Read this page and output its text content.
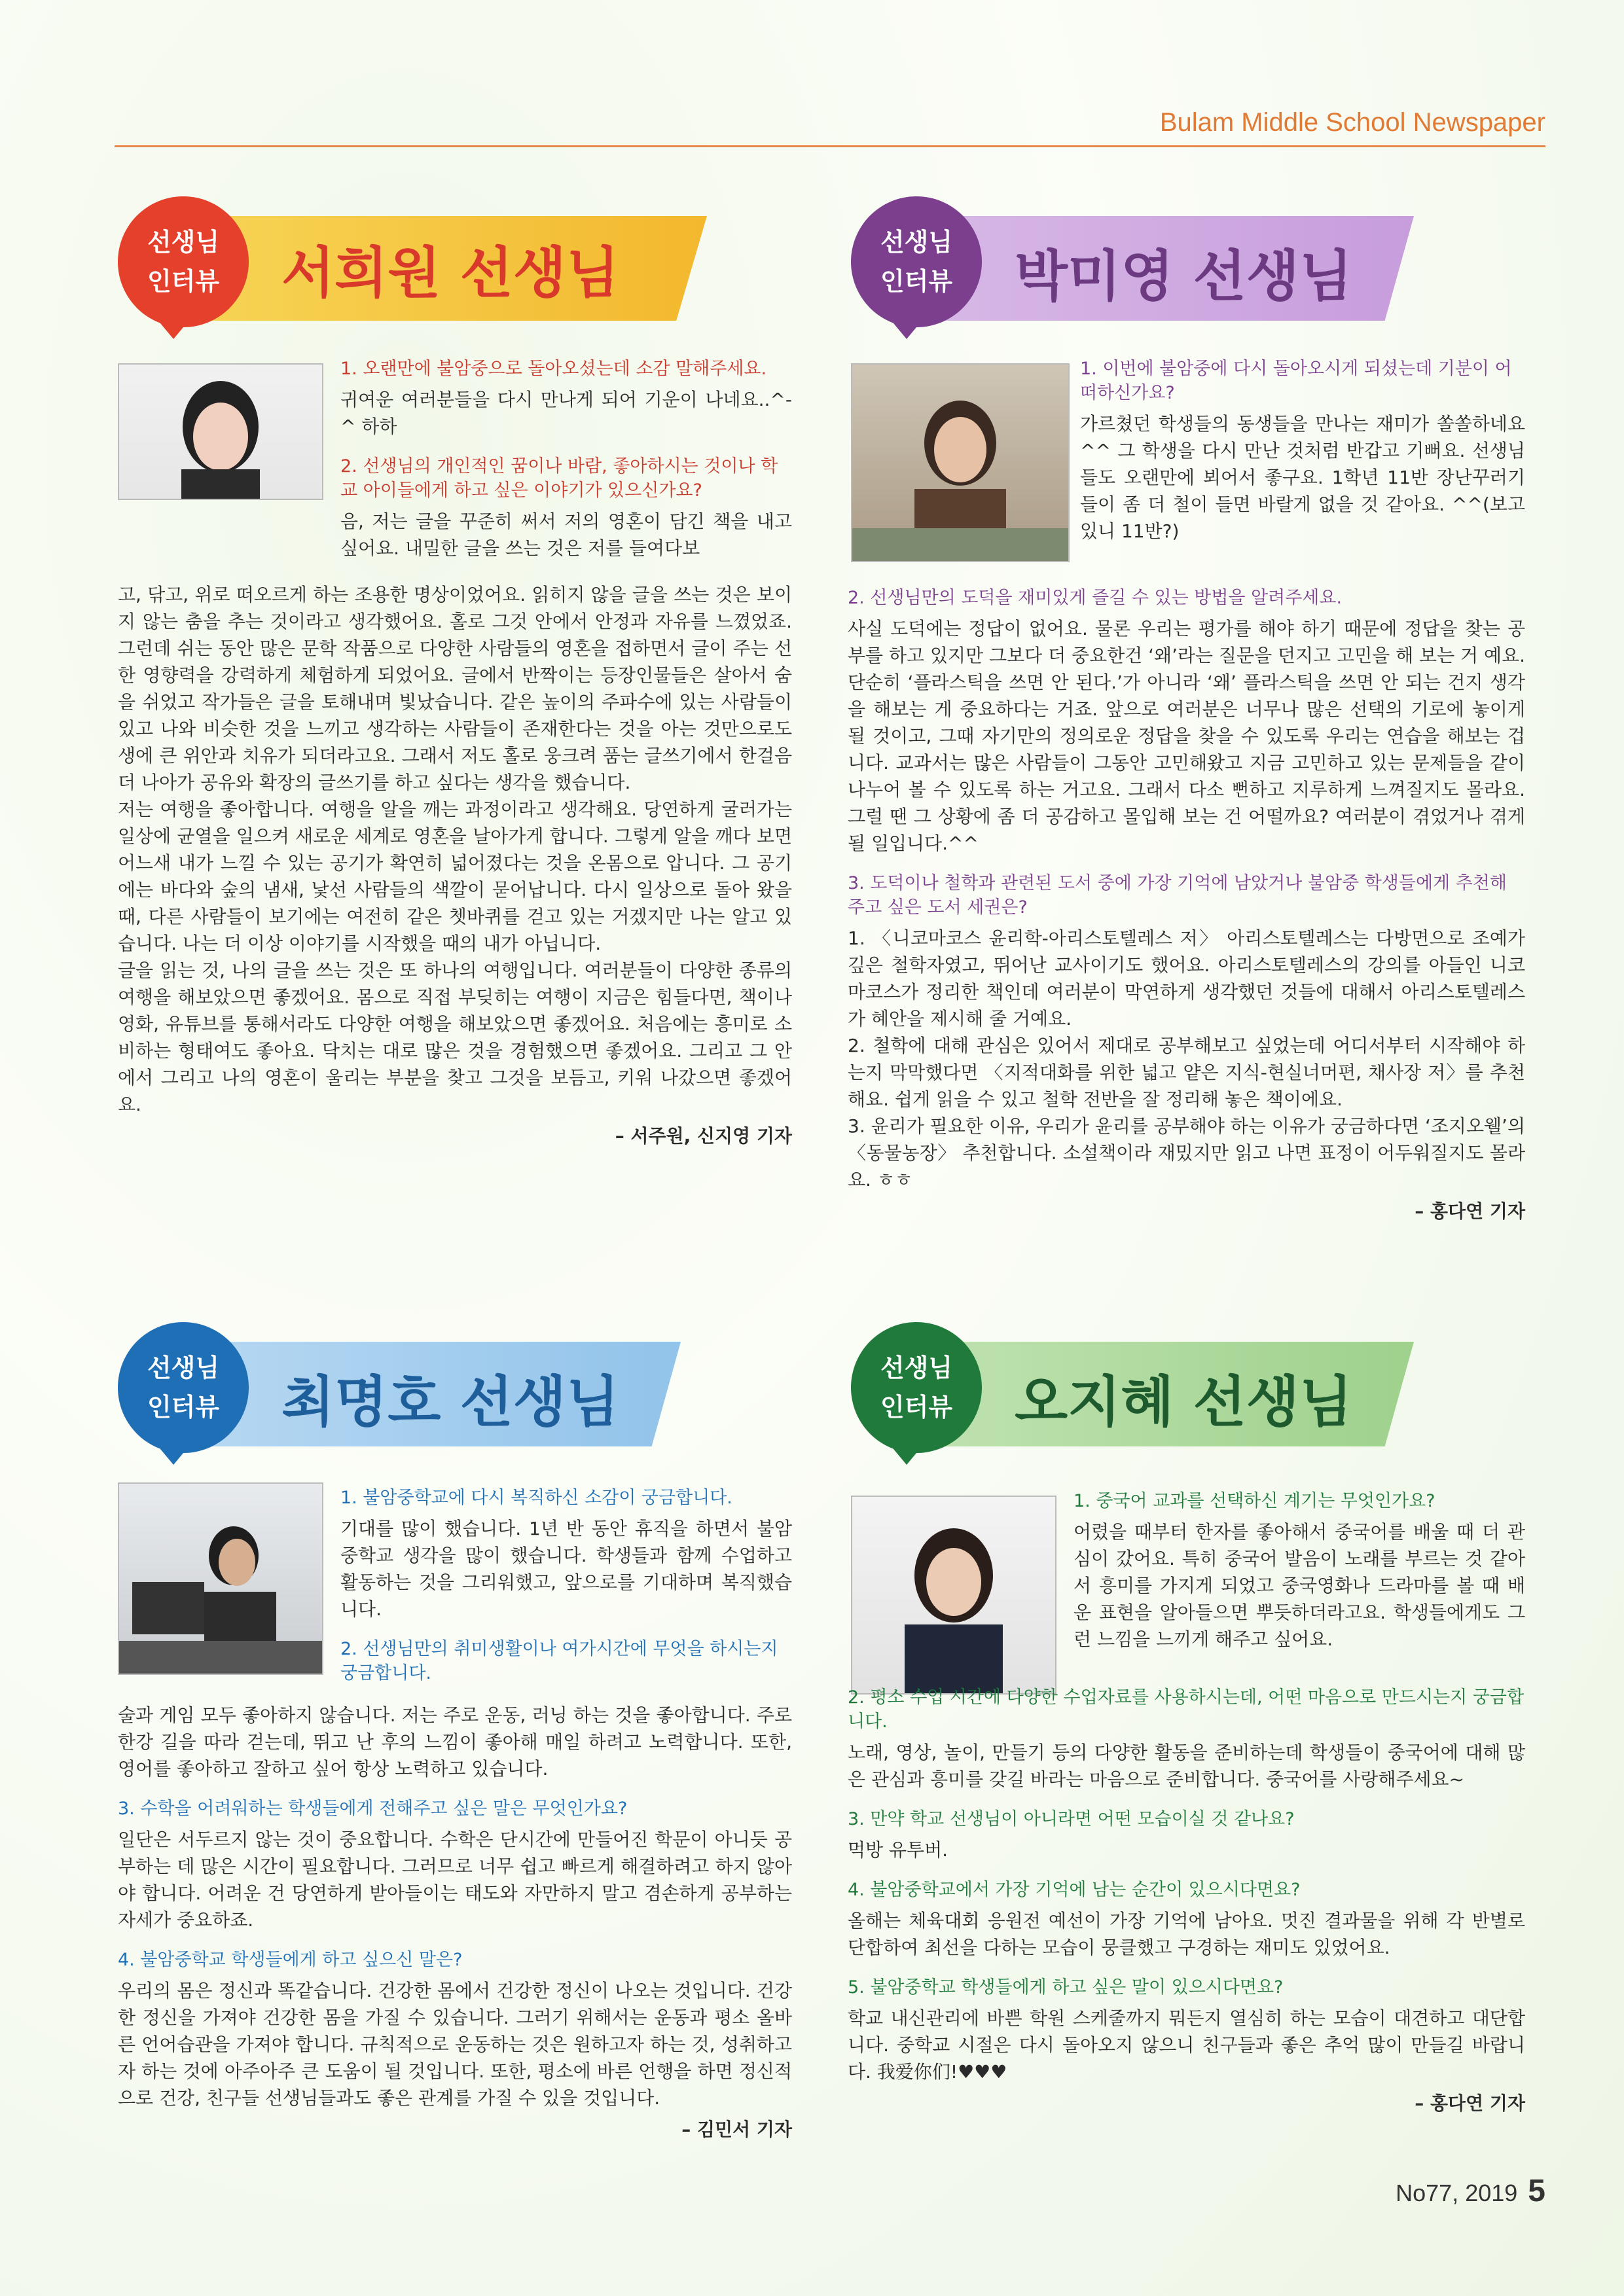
Bulam Middle School Newspaper
선생님
인터뷰 서희원 선생님

1. 오랜만에 불암중으로 돌아오셨는데 소감 말해주세요.

귀여운 여러분들을 다시 만나게 되어 기운이 나네요..^-^ 하하

2. 선생님의 개인적인 꿈이나 바람, 좋아하시는 것이나 학교 아이들에게 하고 싶은 이야기가 있으신가요?

음, 저는 글을 꾸준히 써서 저의 영혼이 담긴 책을 내고 싶어요. 내밀한 글을 쓰는 것은 저를 들여다보

고, 닦고, 위로 떠오르게 하는 조용한 명상이었어요. 읽히지 않을 글을 쓰는 것은 보이지 않는 춤을 추는 것이라고 생각했어요. 홀로 그것 안에서 안정과 자유를 느꼈었죠. 그런데 쉬는 동안 많은 문학 작품으로 다양한 사람들의 영혼을 접하면서 글이 주는 선한 영향력을 강력하게 체험하게 되었어요. 글에서 반짝이는 등장인물들은 살아서 숨을 쉬었고 작가들은 글을 토해내며 빛났습니다. 같은 높이의 주파수에 있는 사람들이 있고 나와 비슷한 것을 느끼고 생각하는 사람들이 존재한다는 것을 아는 것만으로도 생에 큰 위안과 치유가 되더라고요. 그래서 저도 홀로 웅크려 품는 글쓰기에서 한걸음 더 나아가 공유와 확장의 글쓰기를 하고 싶다는 생각을 했습니다.

저는 여행을 좋아합니다. 여행을 알을 깨는 과정이라고 생각해요. 당연하게 굴러가는 일상에 균열을 일으켜 새로운 세계로 영혼을 날아가게 합니다. 그렇게 알을 깨다 보면 어느새 내가 느낄 수 있는 공기가 확연히 넓어졌다는 것을 온몸으로 압니다. 그 공기에는 바다와 숲의 냄새, 낯선 사람들의 색깔이 묻어납니다. 다시 일상으로 돌아 왔을 때, 다른 사람들이 보기에는 여전히 같은 쳇바퀴를 걷고 있는 거겠지만 나는 알고 있습니다. 나는 더 이상 이야기를 시작했을 때의 내가 아닙니다.

글을 읽는 것, 나의 글을 쓰는 것은 또 하나의 여행입니다. 여러분들이 다양한 종류의 여행을 해보았으면 좋겠어요. 몸으로 직접 부딪히는 여행이 지금은 힘들다면, 책이나 영화, 유튜브를 통해서라도 다양한 여행을 해보았으면 좋겠어요. 처음에는 흥미로 소비하는 형태여도 좋아요. 닥치는 대로 많은 것을 경험했으면 좋겠어요. 그리고 그 안에서 그리고 나의 영혼이 울리는 부분을 찾고 그것을 보듬고, 키워 나갔으면 좋겠어요.

– 서주원, 신지영 기자
선생님
인터뷰 박미영 선생님

1. 이번에 불암중에 다시 돌아오시게 되셨는데 기분이 어떠하신가요?

가르쳤던 학생들의 동생들을 만나는 재미가 쏠쏠하네요^^ 그 학생을 다시 만난 것처럼 반갑고 기뻐요. 선생님들도 오랜만에 뵈어서 좋구요. 1학년 11반 장난꾸러기들이 좀 더 철이 들면 바랄게 없을 것 같아요. ^^(보고 있니 11반?)

2. 선생님만의 도덕을 재미있게 즐길 수 있는 방법을 알려주세요.

사실 도덕에는 정답이 없어요. 물론 우리는 평가를 해야 하기 때문에 정답을 찾는 공부를 하고 있지만 그보다 더 중요한건 ‘왜’라는 질문을 던지고 고민을 해 보는 거 예요. 단순히 ‘플라스틱을 쓰면 안 된다.’가 아니라 ‘왜’ 플라스틱을 쓰면 안 되는 건지 생각을 해보는 게 중요하다는 거죠. 앞으로 여러분은 너무나 많은 선택의 기로에 놓이게 될 것이고, 그때 자기만의 정의로운 정답을 찾을 수 있도록 우리는 연습을 해보는 겁니다. 교과서는 많은 사람들이 그동안 고민해왔고 지금 고민하고 있는 문제들을 같이 나누어 볼 수 있도록 하는 거고요. 그래서 다소 뻔하고 지루하게 느껴질지도 몰라요. 그럴 땐 그 상황에 좀 더 공감하고 몰입해 보는 건 어떨까요? 여러분이 겪었거나 겪게 될 일입니다.^^

3. 도덕이나 철학과 관련된 도서 중에 가장 기억에 남았거나 불암중 학생들에게 추천해 주고 싶은 도서 세권은?

1. 〈니코마코스 윤리학-아리스토텔레스 저〉 아리스토텔레스는 다방면으로 조예가 깊은 철학자였고, 뛰어난 교사이기도 했어요. 아리스토텔레스의 강의를 아들인 니코마코스가 정리한 책인데 여러분이 막연하게 생각했던 것들에 대해서 아리스토텔레스가 혜안을 제시해 줄 거예요.

2. 철학에 대해 관심은 있어서 제대로 공부해보고 싶었는데 어디서부터 시작해야 하는지 막막했다면 〈지적대화를 위한 넓고 얕은 지식-현실너머편, 채사장 저〉를 추천해요. 쉽게 읽을 수 있고 철학 전반을 잘 정리해 놓은 책이에요.

3. 윤리가 필요한 이유, 우리가 윤리를 공부해야 하는 이유가 궁금하다면 ‘조지오웰’의 〈동물농장〉 추천합니다. 소설책이라 재밌지만 읽고 나면 표정이 어두워질지도 몰라요. ㅎㅎ

– 홍다연 기자
선생님
인터뷰 최명호 선생님

1. 불암중학교에 다시 복직하신 소감이 궁금합니다.

기대를 많이 했습니다. 1년 반 동안 휴직을 하면서 불암중학교 생각을 많이 했습니다. 학생들과 함께 수업하고 활동하는 것을 그리워했고, 앞으로를 기대하며 복직했습니다.

2. 선생님만의 취미생활이나 여가시간에 무엇을 하시는지 궁금합니다.

술과 게임 모두 좋아하지 않습니다. 저는 주로 운동, 러닝 하는 것을 좋아합니다. 주로 한강 길을 따라 걷는데, 뛰고 난 후의 느낌이 좋아해 매일 하려고 노력합니다. 또한, 영어를 좋아하고 잘하고 싶어 항상 노력하고 있습니다.

3. 수학을 어려워하는 학생들에게 전해주고 싶은 말은 무엇인가요?

일단은 서두르지 않는 것이 중요합니다. 수학은 단시간에 만들어진 학문이 아니듯 공부하는 데 많은 시간이 필요합니다. 그러므로 너무 쉽고 빠르게 해결하려고 하지 않아야 합니다. 어려운 건 당연하게 받아들이는 태도와 자만하지 말고 겸손하게 공부하는 자세가 중요하죠.

4. 불암중학교 학생들에게 하고 싶으신 말은?

우리의 몸은 정신과 똑같습니다. 건강한 몸에서 건강한 정신이 나오는 것입니다. 건강한 정신을 가져야 건강한 몸을 가질 수 있습니다. 그러기 위해서는 운동과 평소 올바른 언어습관을 가져야 합니다. 규칙적으로 운동하는 것은 원하고자 하는 것, 성취하고자 하는 것에 아주아주 큰 도움이 될 것입니다. 또한, 평소에 바른 언행을 하면 정신적으로 건강, 친구들 선생님들과도 좋은 관계를 가질 수 있을 것입니다.

– 김민서 기자
선생님
인터뷰 오지혜 선생님

1. 중국어 교과를 선택하신 계기는 무엇인가요?

어렸을 때부터 한자를 좋아해서 중국어를 배울 때 더 관심이 갔어요. 특히 중국어 발음이 노래를 부르는 것 같아서 흥미를 가지게 되었고 중국영화나 드라마를 볼 때 배운 표현을 알아들으면 뿌듯하더라고요. 학생들에게도 그런 느낌을 느끼게 해주고 싶어요.

2. 평소 수업 시간에 다양한 수업자료를 사용하시는데, 어떤 마음으로 만드시는지 궁금합니다.

노래, 영상, 놀이, 만들기 등의 다양한 활동을 준비하는데 학생들이 중국어에 대해 많은 관심과 흥미를 갖길 바라는 마음으로 준비합니다. 중국어를 사랑해주세요~

3. 만약 학교 선생님이 아니라면 어떤 모습이실 것 같나요?

먹방 유투버.

4. 불암중학교에서 가장 기억에 남는 순간이 있으시다면요?

올해는 체육대회 응원전 예선이 가장 기억에 남아요. 멋진 결과물을 위해 각 반별로 단합하여 최선을 다하는 모습이 뭉클했고 구경하는 재미도 있었어요.

5. 불암중학교 학생들에게 하고 싶은 말이 있으시다면요?

학교 내신관리에 바쁜 학원 스케줄까지 뭐든지 열심히 하는 모습이 대견하고 대단합니다. 중학교 시절은 다시 돌아오지 않으니 친구들과 좋은 추억 많이 만들길 바랍니다. 我爱你们!♥♥♥

– 홍다연 기자
No77, 2019 5
